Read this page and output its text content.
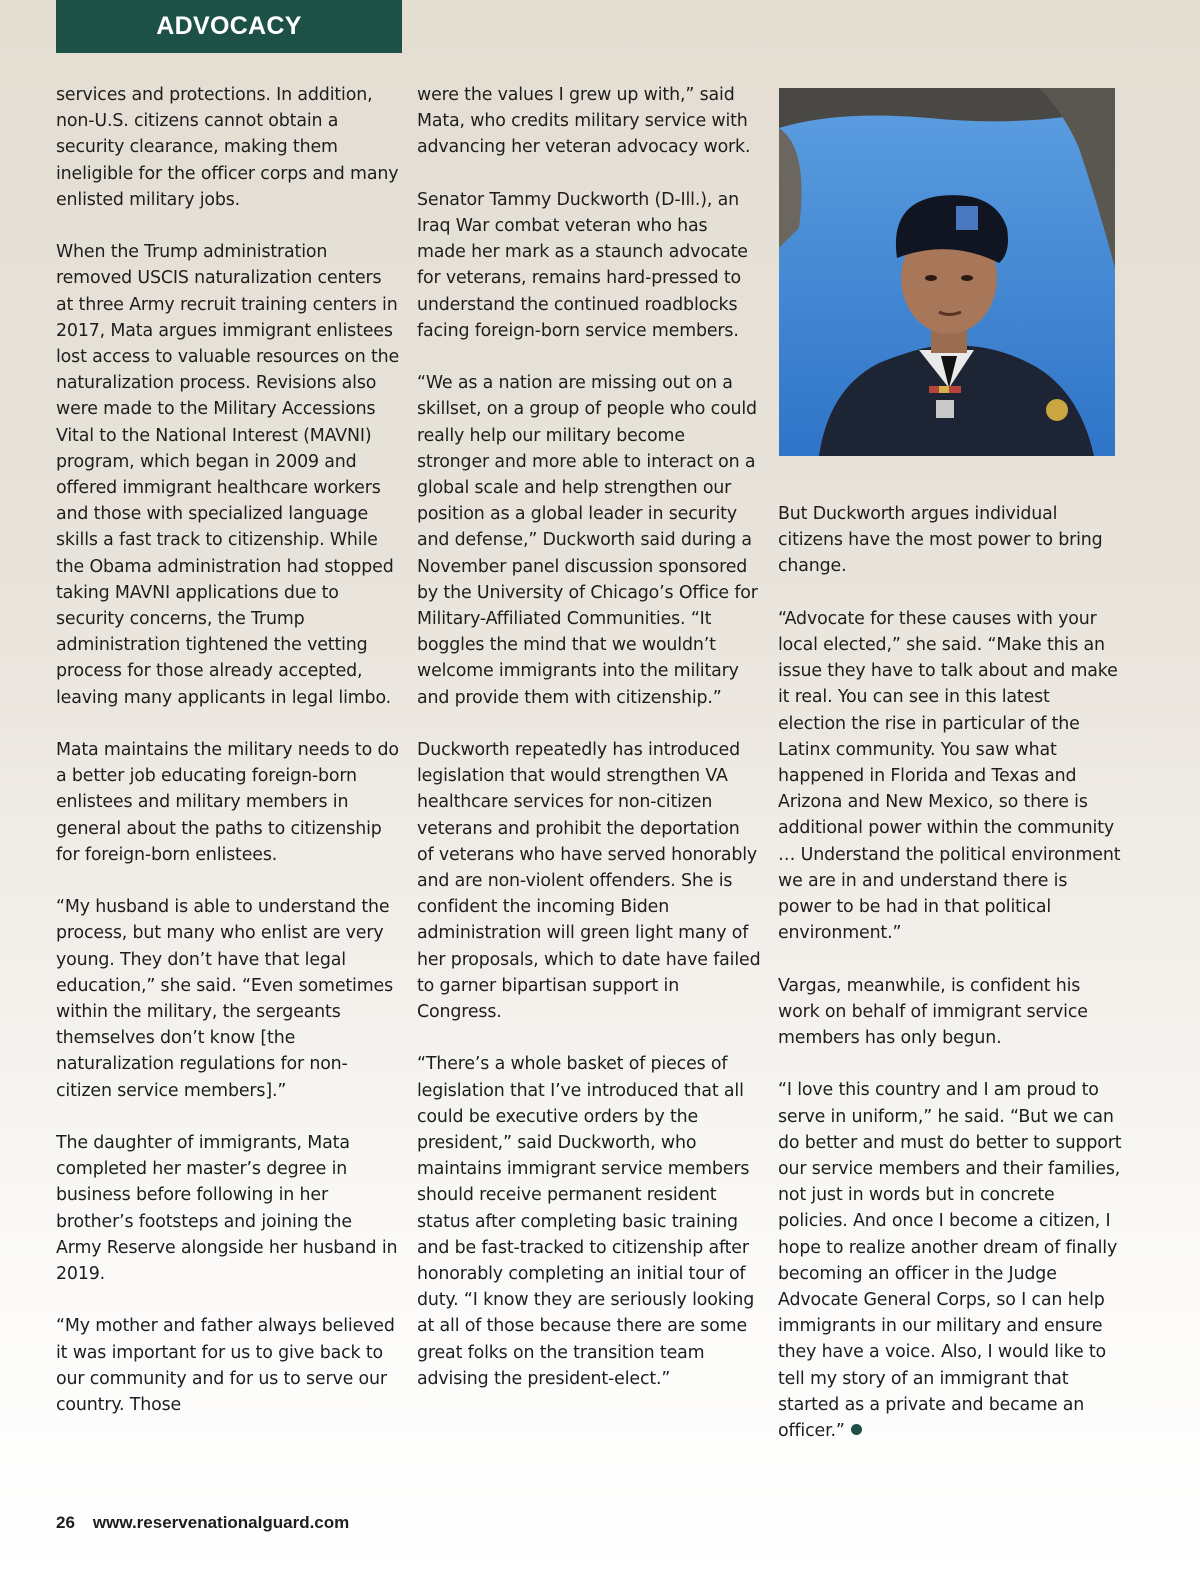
ADVOCACY

services and protections. In addition, non-U.S. citizens cannot obtain a security clearance, making them ineligible for the officer corps and many enlisted military jobs.

When the Trump administration removed USCIS naturalization centers at three Army recruit training centers in 2017, Mata argues immigrant enlistees lost access to valuable resources on the naturalization process. Revisions also were made to the Military Accessions Vital to the National Interest (MAVNI) program, which began in 2009 and offered immigrant healthcare workers and those with specialized language skills a fast track to citizenship. While the Obama administration had stopped taking MAVNI applications due to security concerns, the Trump administration tightened the vetting process for those already accepted, leaving many applicants in legal limbo.

Mata maintains the military needs to do a better job educating foreign-born enlistees and military members in general about the paths to citizenship for foreign-born enlistees.

“My husband is able to understand the process, but many who enlist are very young. They don’t have that legal education,” she said. “Even sometimes within the military, the sergeants themselves don’t know [the naturalization regulations for non-citizen service members].”

The daughter of immigrants, Mata completed her master’s degree in business before following in her brother’s footsteps and joining the Army Reserve alongside her husband in 2019.

“My mother and father always believed it was important for us to give back to our community and for us to serve our country. Those

were the values I grew up with,” said Mata, who credits military service with advancing her veteran advocacy work.

Senator Tammy Duckworth (D-Ill.), an Iraq War combat veteran who has made her mark as a staunch advocate for veterans, remains hard-pressed to understand the continued roadblocks facing foreign-born service members.

“We as a nation are missing out on a skillset, on a group of people who could really help our military become stronger and more able to interact on a global scale and help strengthen our position as a global leader in security and defense,” Duckworth said during a November panel discussion sponsored by the University of Chicago’s Office for Military-Affiliated Communities. “It boggles the mind that we wouldn’t welcome immigrants into the military and provide them with citizenship.”

Duckworth repeatedly has introduced legislation that would strengthen VA healthcare services for non-citizen veterans and prohibit the deportation of veterans who have served honorably and are non-violent offenders. She is confident the incoming Biden administration will green light many of her proposals, which to date have failed to garner bipartisan support in Congress.

“There’s a whole basket of pieces of legislation that I’ve introduced that all could be executive orders by the president,” said Duckworth, who maintains immigrant service members should receive permanent resident status after completing basic training and be fast-tracked to citizenship after honorably completing an initial tour of duty. “I know they are seriously looking at all of those because there are some great folks on the transition team advising the president-elect.”

But Duckworth argues individual citizens have the most power to bring change.

“Advocate for these causes with your local elected,” she said. “Make this an issue they have to talk about and make it real. You can see in this latest election the rise in particular of the Latinx community. You saw what happened in Florida and Texas and Arizona and New Mexico, so there is additional power within the community … Understand the political environment we are in and understand there is power to be had in that political environment.”

Vargas, meanwhile, is confident his work on behalf of immigrant service members has only begun.

“I love this country and I am proud to serve in uniform,” he said. “But we can do better and must do better to support our service members and their families, not just in words but in concrete policies. And once I become a citizen, I hope to realize another dream of finally becoming an officer in the Judge Advocate General Corps, so I can help immigrants in our military and ensure they have a voice. Also, I would like to tell my story of an immigrant that started as a private and became an officer.”

26 www.reservenationalguard.com
